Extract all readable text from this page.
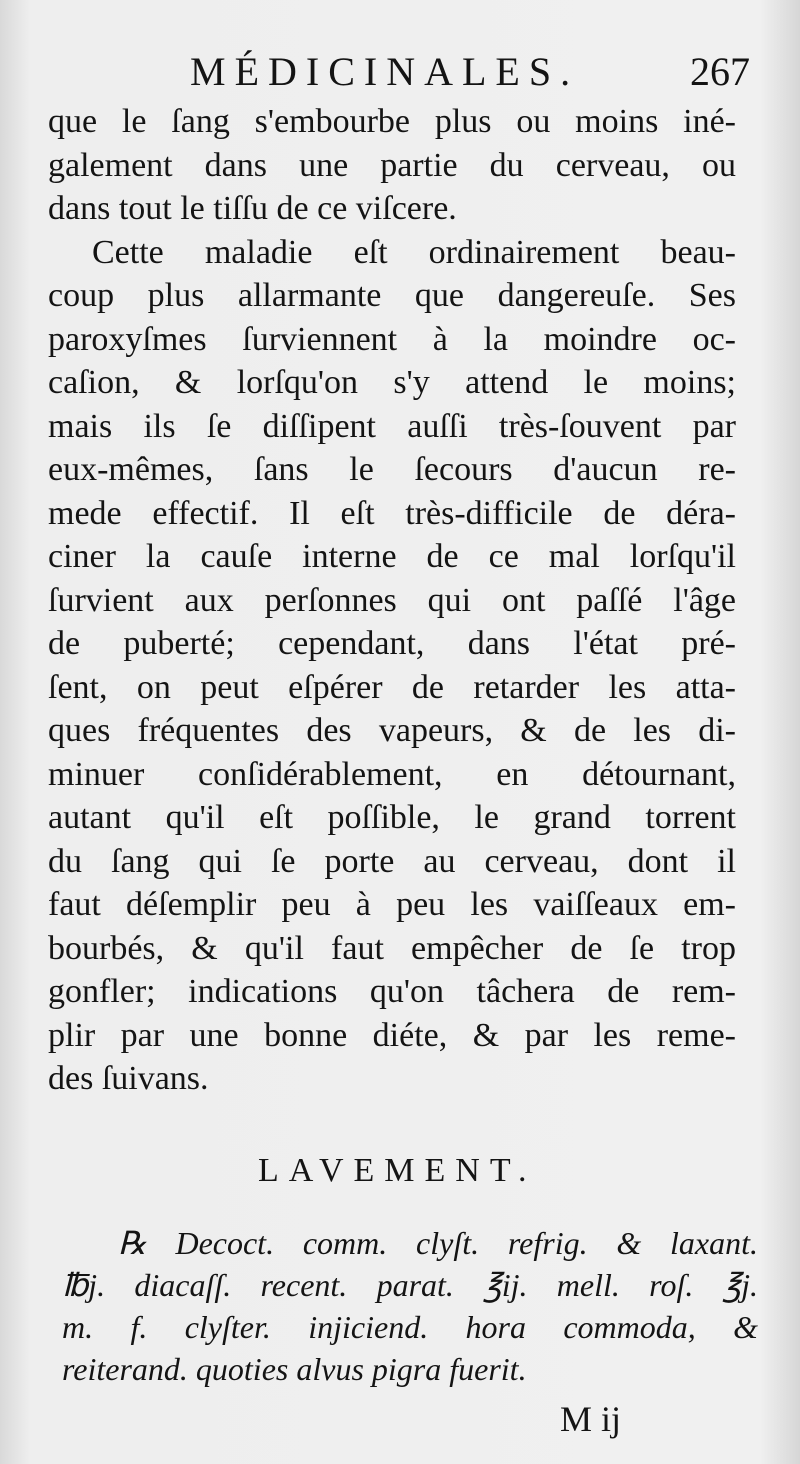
MÉDICINALES.	267
que le ſang s'embourbe plus ou moins iné-
galement dans une partie du cerveau, ou
dans tout le tiſſu de ce viſcere.
Cette maladie eſt ordinairement beau-
coup plus allarmante que dangereuſe. Ses
paroxyſmes ſurviennent à la moindre oc-
caſion, & lorſqu'on s'y attend le moins;
mais ils ſe diſſipent auſſi très-ſouvent par
eux-mêmes, ſans le ſecours d'aucun re-
mede effectif. Il eſt très-difficile de déra-
ciner la cauſe interne de ce mal lorſqu'il
ſurvient aux perſonnes qui ont paſſé l'âge
de puberté; cependant, dans l'état pré-
ſent, on peut eſpérer de retarder les atta-
ques fréquentes des vapeurs, & de les di-
minuer conſidérablement, en détournant,
autant qu'il eſt poſſible, le grand torrent
du ſang qui ſe porte au cerveau, dont il
faut déſemplir peu à peu les vaiſſeaux em-
bourbés, & qu'il faut empêcher de ſe trop
gonfler; indications qu'on tâchera de rem-
plir par une bonne diéte, & par les reme-
des ſuivans.
LAVEMENT.
℞ Decoct. comm. clyſt. refrig. & laxant.
℔j. diacaſſ. recent. parat. ℥ij. mell. roſ. ℥j.
m. f. clyſter. injiciend. hora commoda, &
reiterand. quoties alvus pigra fuerit.
M ij
